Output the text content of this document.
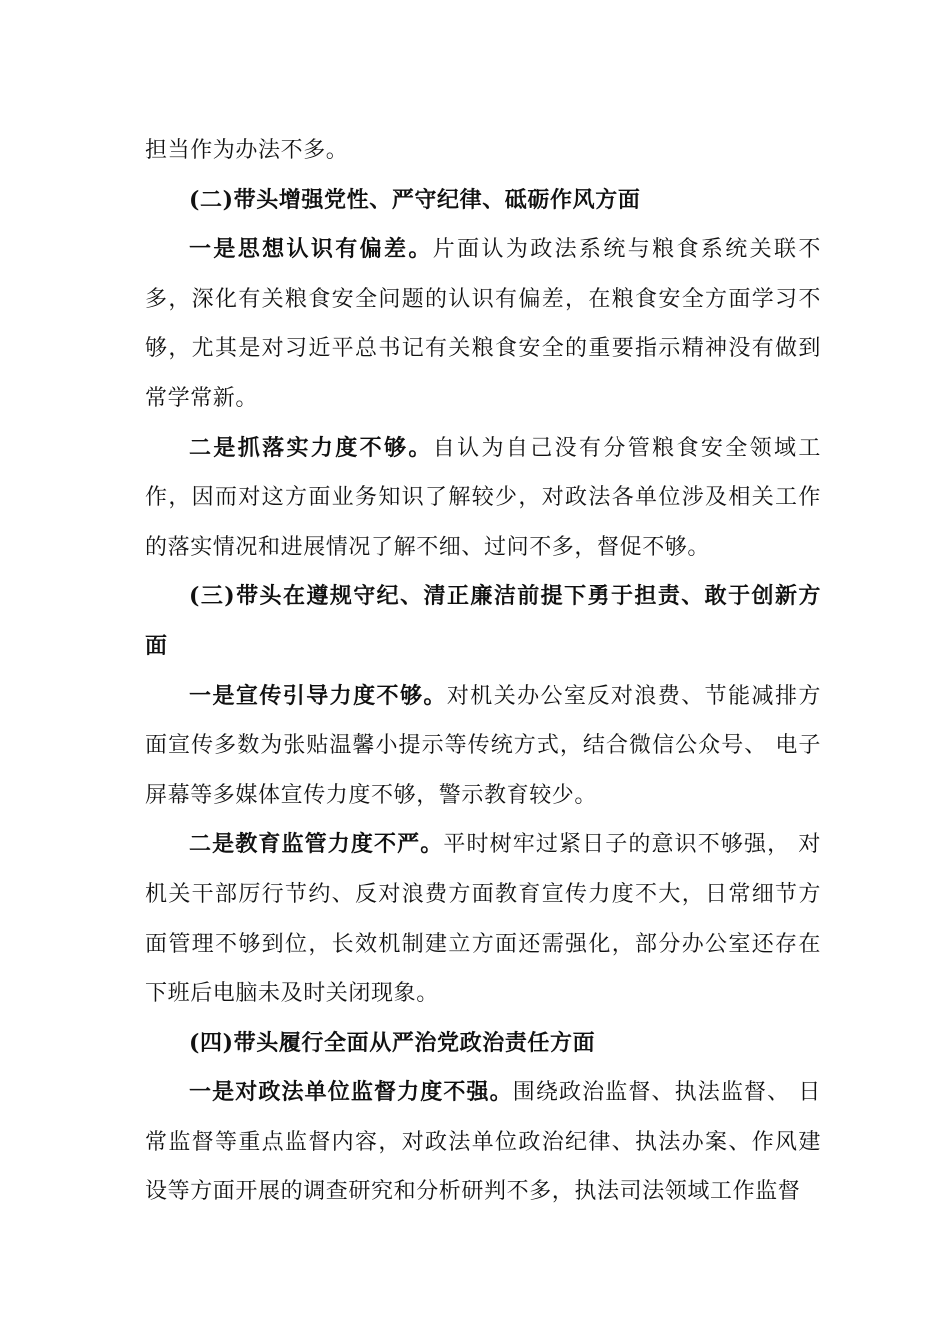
担当作为办法不多。

(二)带头增强党性、严守纪律、砥砺作风方面

一是思想认识有偏差。片面认为政法系统与粮食系统关联不多，深化有关粮食安全问题的认识有偏差，在粮食安全方面学习不够，尤其是对习近平总书记有关粮食安全的重要指示精神没有做到常学常新。

二是抓落实力度不够。自认为自己没有分管粮食安全领域工作，因而对这方面业务知识了解较少，对政法各单位涉及相关工作的落实情况和进展情况了解不细、过问不多，督促不够。

(三)带头在遵规守纪、清正廉洁前提下勇于担责、敢于创新方面

一是宣传引导力度不够。对机关办公室反对浪费、节能减排方面宣传多数为张贴温馨小提示等传统方式，结合微信公众号、 电子屏幕等多媒体宣传力度不够，警示教育较少。

二是教育监管力度不严。平时树牢过紧日子的意识不够强， 对机关干部厉行节约、反对浪费方面教育宣传力度不大，日常细节方面管理不够到位，长效机制建立方面还需强化，部分办公室还存在下班后电脑未及时关闭现象。

(四)带头履行全面从严治党政治责任方面

一是对政法单位监督力度不强。围绕政治监督、执法监督、 日常监督等重点监督内容，对政法单位政治纪律、执法办案、作风建设等方面开展的调查研究和分析研判不多，执法司法领域工作监督
